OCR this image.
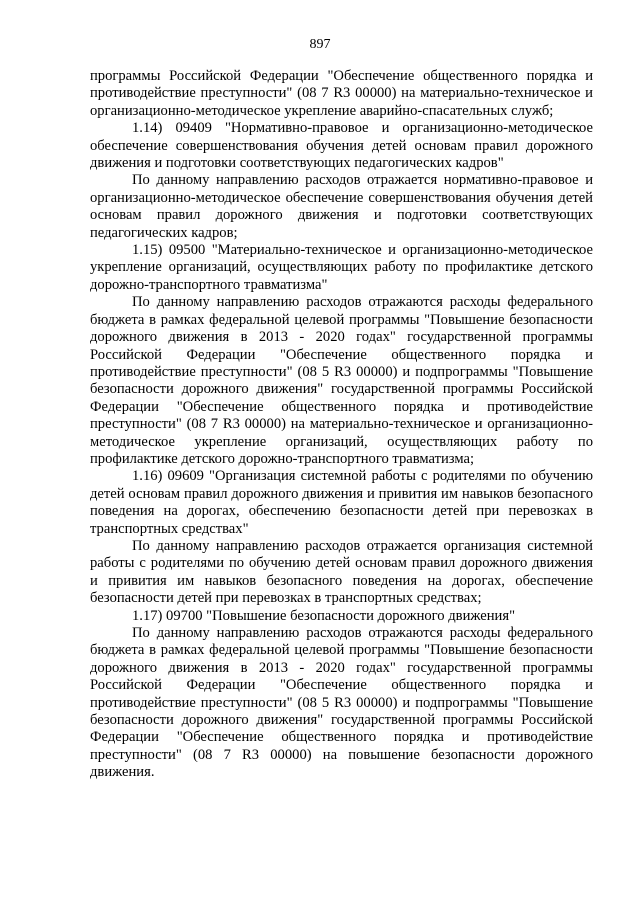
897

программы Российской Федерации "Обеспечение общественного порядка и противодействие преступности" (08 7 R3 00000) на материально-техническое и организационно-методическое укрепление аварийно-спасательных служб;

1.14) 09409 "Нормативно-правовое и организационно-методическое обеспечение совершенствования обучения детей основам правил дорожного движения и подготовки соответствующих педагогических кадров"

По данному направлению расходов отражается нормативно-правовое и организационно-методическое обеспечение совершенствования обучения детей основам правил дорожного движения и подготовки соответствующих педагогических кадров;

1.15) 09500 "Материально-техническое и организационно-методическое укрепление организаций, осуществляющих работу по профилактике детского дорожно-транспортного травматизма"

По данному направлению расходов отражаются расходы федерального бюджета в рамках федеральной целевой программы "Повышение безопасности дорожного движения в 2013 - 2020 годах" государственной программы Российской Федерации "Обеспечение общественного порядка и противодействие преступности" (08 5 R3 00000) и подпрограммы "Повышение безопасности дорожного движения" государственной программы Российской Федерации "Обеспечение общественного порядка и противодействие преступности" (08 7 R3 00000) на материально-техническое и организационно-методическое укрепление организаций, осуществляющих работу по профилактике детского дорожно-транспортного травматизма;

1.16) 09609 "Организация системной работы с родителями по обучению детей основам правил дорожного движения и привития им навыков безопасного поведения на дорогах, обеспечению безопасности детей при перевозках в транспортных средствах"

По данному направлению расходов отражается организация системной работы с родителями по обучению детей основам правил дорожного движения и привития им навыков безопасного поведения на дорогах, обеспечение безопасности детей при перевозках в транспортных средствах;

1.17) 09700 "Повышение безопасности дорожного движения"

По данному направлению расходов отражаются расходы федерального бюджета в рамках федеральной целевой программы "Повышение безопасности дорожного движения в 2013 - 2020 годах" государственной программы Российской Федерации "Обеспечение общественного порядка и противодействие преступности" (08 5 R3 00000) и подпрограммы "Повышение безопасности дорожного движения" государственной программы Российской Федерации "Обеспечение общественного порядка и противодействие преступности" (08 7 R3 00000) на повышение безопасности дорожного движения.
